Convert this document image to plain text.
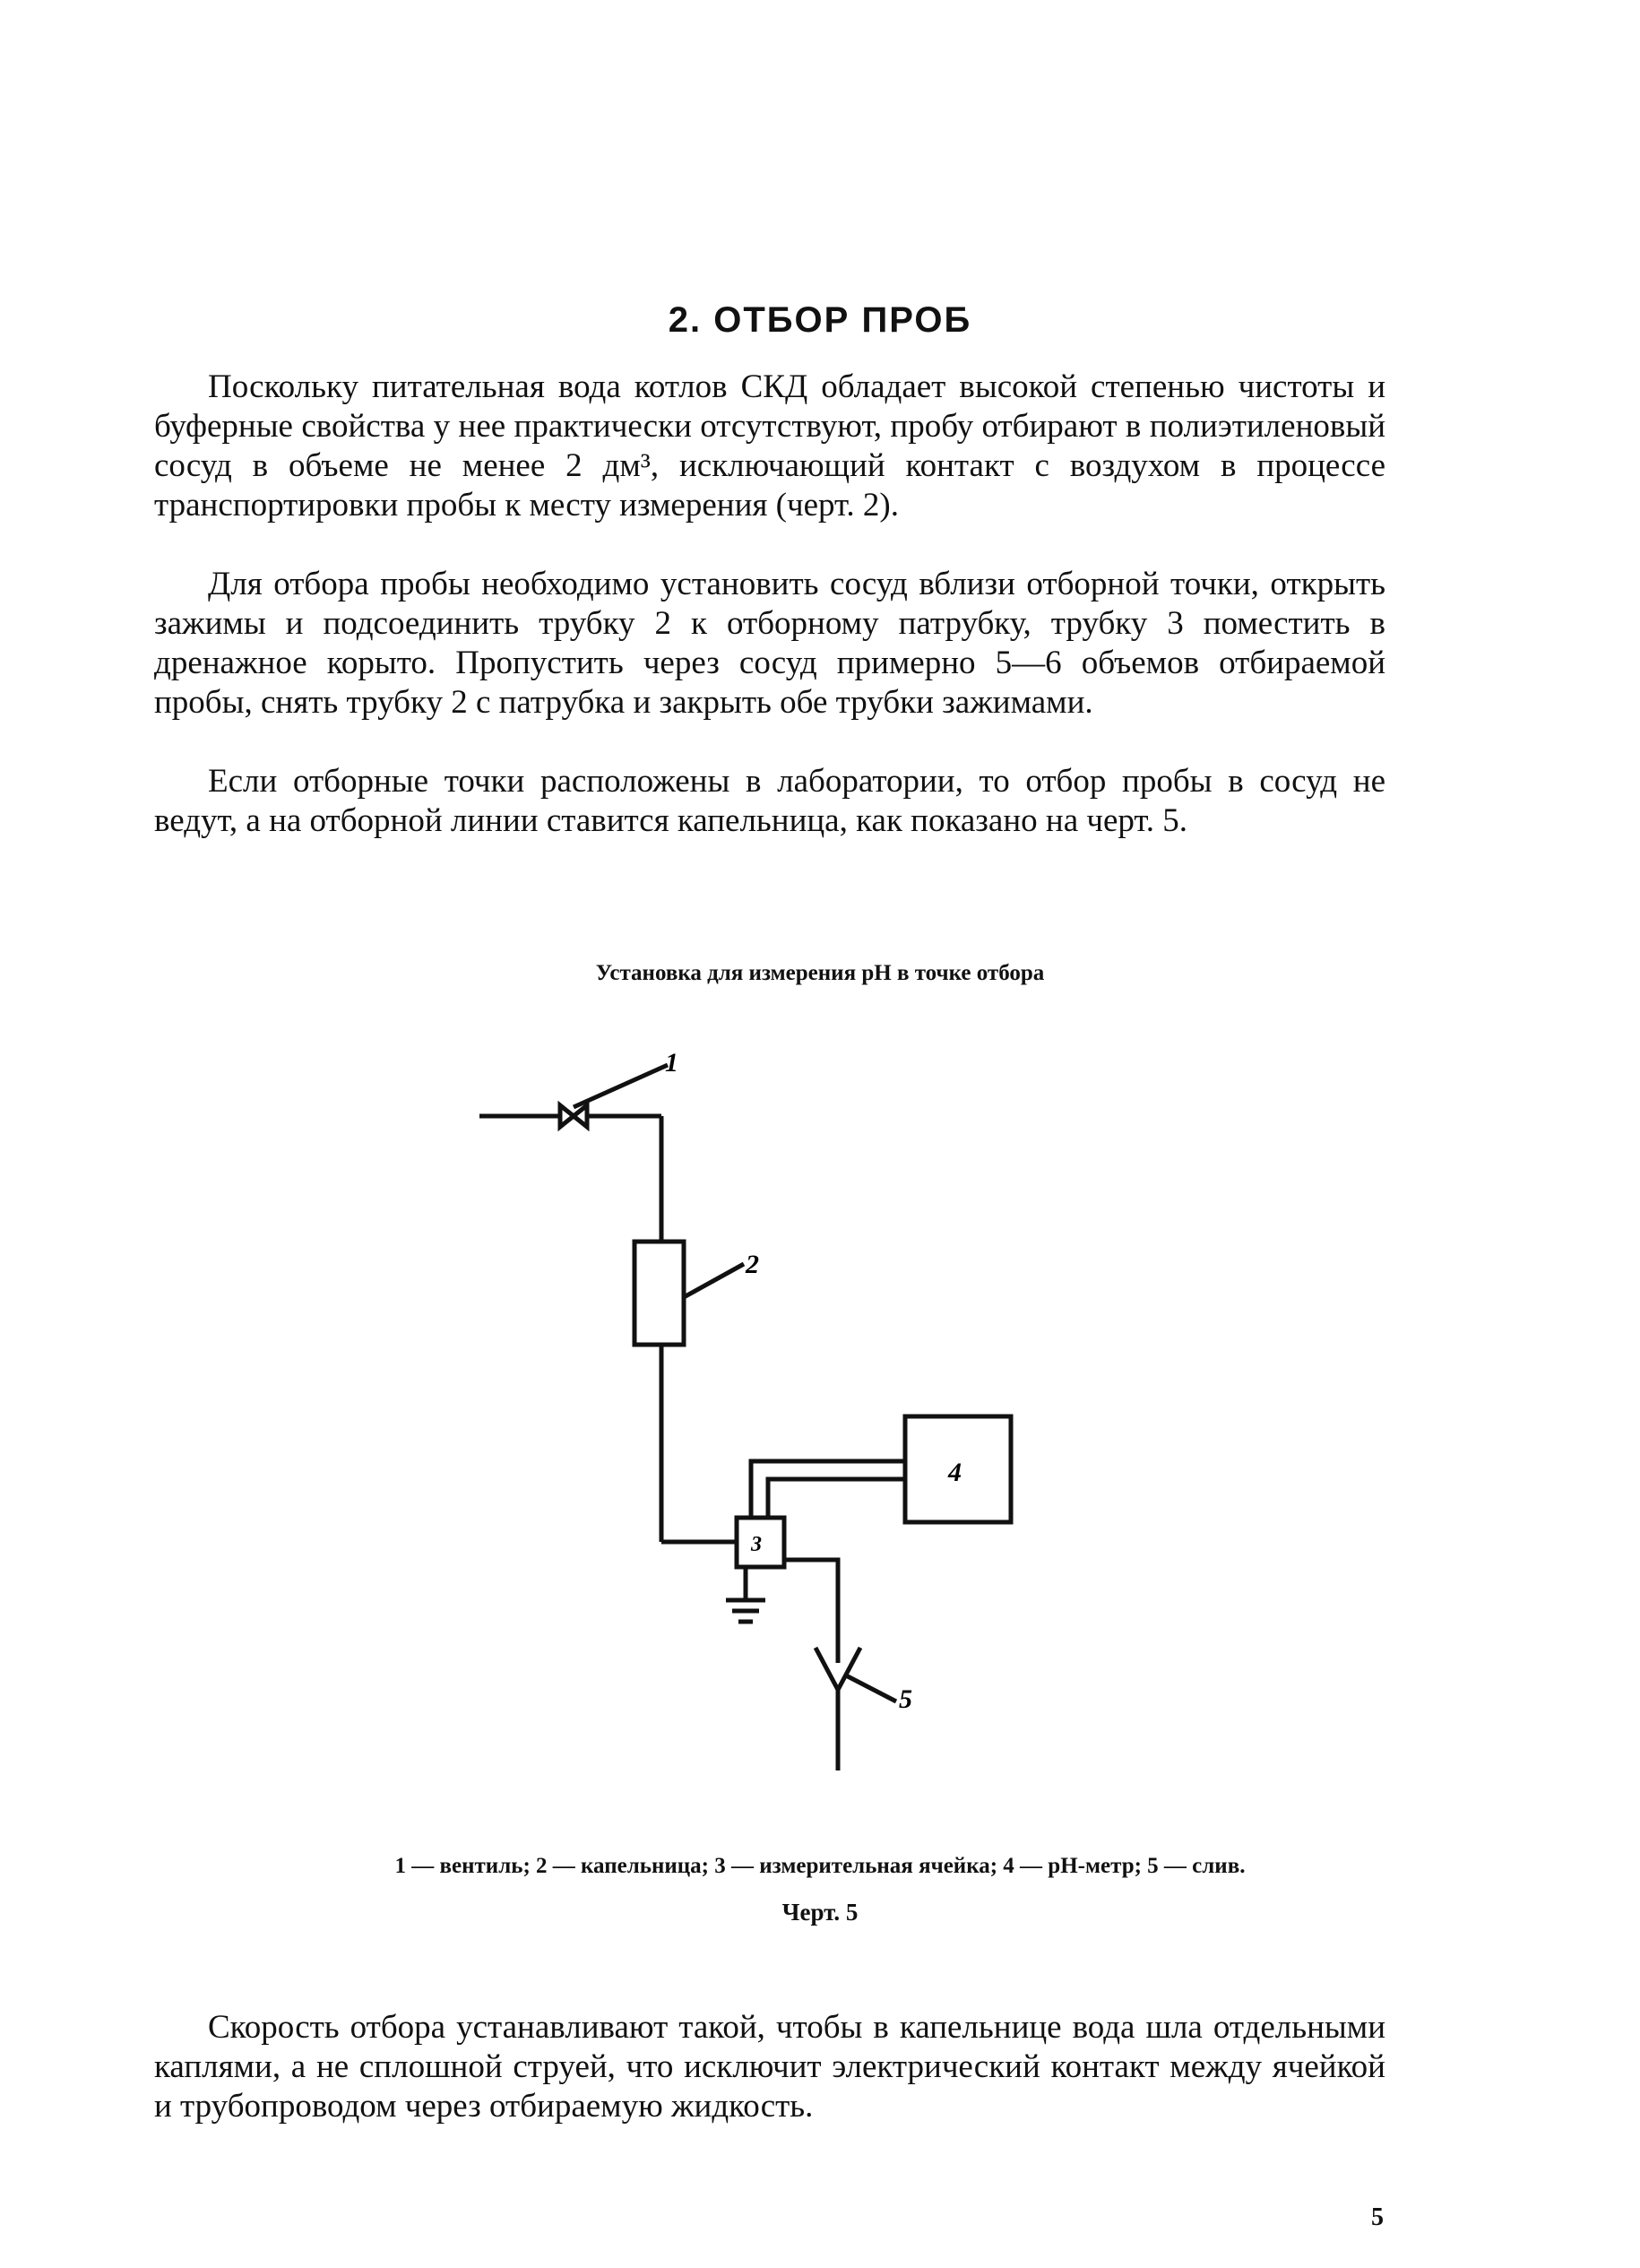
2. ОТБОР ПРОБ

Поскольку питательная вода котлов СКД обладает высокой степенью чистоты и буферные свойства у нее практически отсутствуют, пробу отбирают в полиэтиленовый сосуд в объеме не менее 2 дм³, исключающий контакт с воздухом в процессе транспортировки пробы к месту измерения (черт. 2).

Для отбора пробы необходимо установить сосуд вблизи отборной точки, открыть зажимы и подсоединить трубку 2 к отборному патрубку, трубку 3 поместить в дренажное корыто. Пропустить через сосуд примерно 5—6 объемов отбираемой пробы, снять трубку 2 с патрубка и закрыть обе трубки зажимами.

Если отборные точки расположены в лаборатории, то отбор пробы в сосуд не ведут, а на отборной линии ставится капельница, как показано на черт. 5.

Установка для измерения pH в точке отбора
1
2
3
4
5
1 — вентиль; 2 — капельница; 3 — измерительная ячейка; 4 — pH-метр; 5 — слив.
Черт. 5

Скорость отбора устанавливают такой, чтобы в капельнице вода шла отдельными каплями, а не сплошной струей, что исключит электрический контакт между ячейкой и трубопроводом через отбираемую жидкость.

5
